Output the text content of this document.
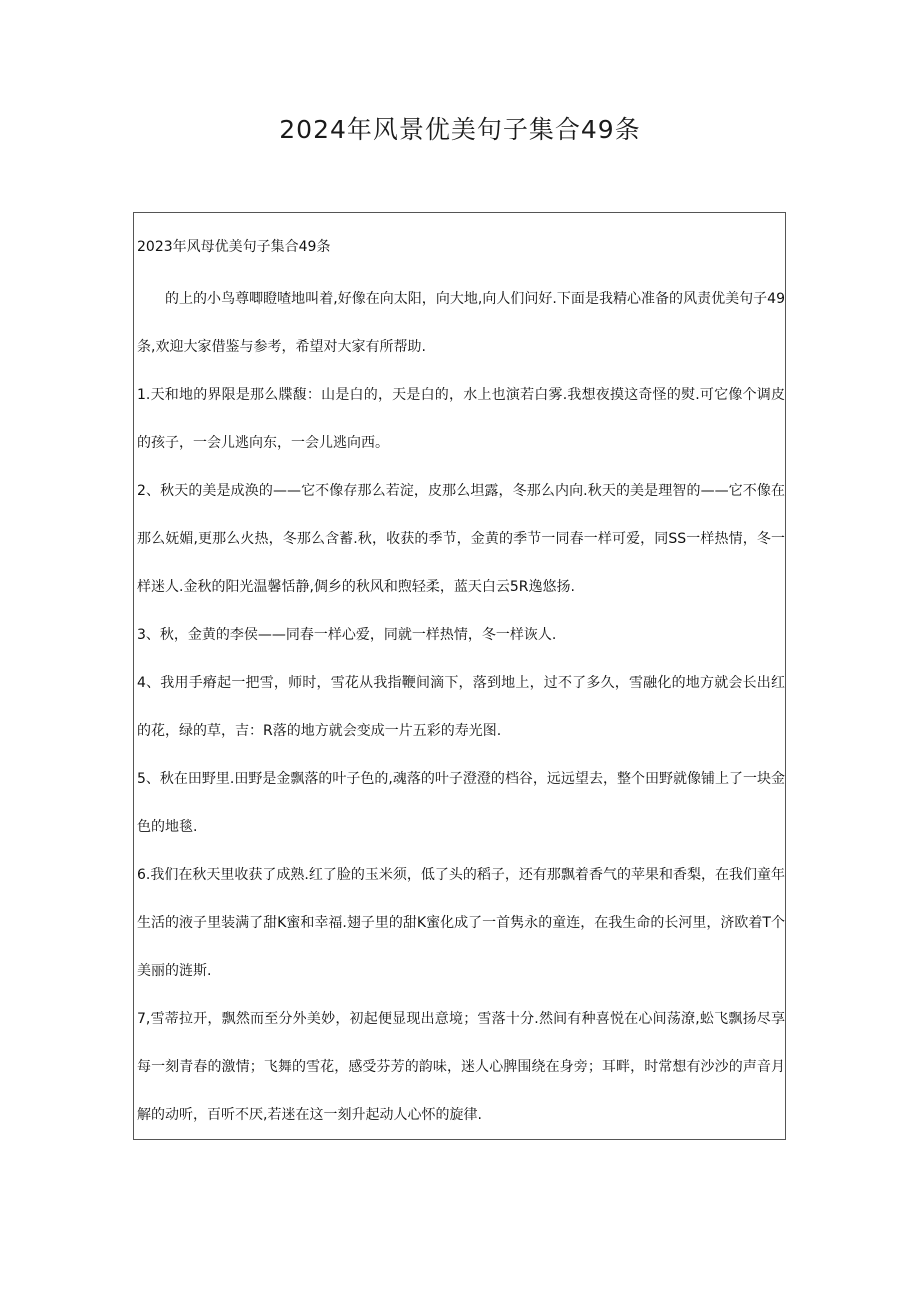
2024年风景优美句子集合49条

2023年风母优美句子集合49条

的上的小鸟尊唧瞪喳地叫着,好像在向太阳，向大地,向人们问好.下面是我精心准备的风责优美句子49条,欢迎大家借鉴与参考，希望对大家有所帮助.

1.天和地的界限是那么牒馥：山是白的，天是白的，水上也演若白雾.我想夜摸这奇怪的熨.可它像个调皮的孩子，一会儿逃向东，一会儿逃向西。

2、秋天的美是成涣的——它不像存那么若淀，皮那么坦露，冬那么内向.秋天的美是理智的——它不像在那么妩媚,更那么火热，冬那么含蓄.秋，收获的季节，金黄的季节一同春一样可爱，同SS一样热情，冬一样迷人.金秋的阳光温馨恬静,倜乡的秋风和煦轻柔，蓝天白云5R逸悠扬.

3、秋，金黄的李侯——同春一样心爱，同就一样热情，冬一样诙人.

4、我用手瘠起一把雪，师时，雪花从我指鞭间滴下，落到地上，过不了多久，雪融化的地方就会长出红的花，绿的草，吉：R落的地方就会变成一片五彩的寿光图.

5、秋在田野里.田野是金飘落的叶子色的,魂落的叶子澄澄的档谷，远远望去，整个田野就像铺上了一块金色的地毯.

6.我们在秋天里收获了成熟.红了脸的玉米须，低了头的稻子，还有那飘着香气的苹果和香梨，在我们童年生活的液子里装满了甜K蜜和幸福.翅子里的甜K蜜化成了一首隽永的童连，在我生命的长河里，济欧着T个美丽的涟斯.

7,雪蒂拉开，飘然而至分外美妙，初起便显现出意境；雪落十分.然间有种喜悦在心间荡潦,蚣飞飘扬尽享每一刻青春的激情；飞舞的雪花，感受芬芳的韵味，迷人心脾围绕在身旁；耳畔，时常想有沙沙的声音月解的动听，百听不厌,若迷在这一刻升起动人心怀的旋律.
